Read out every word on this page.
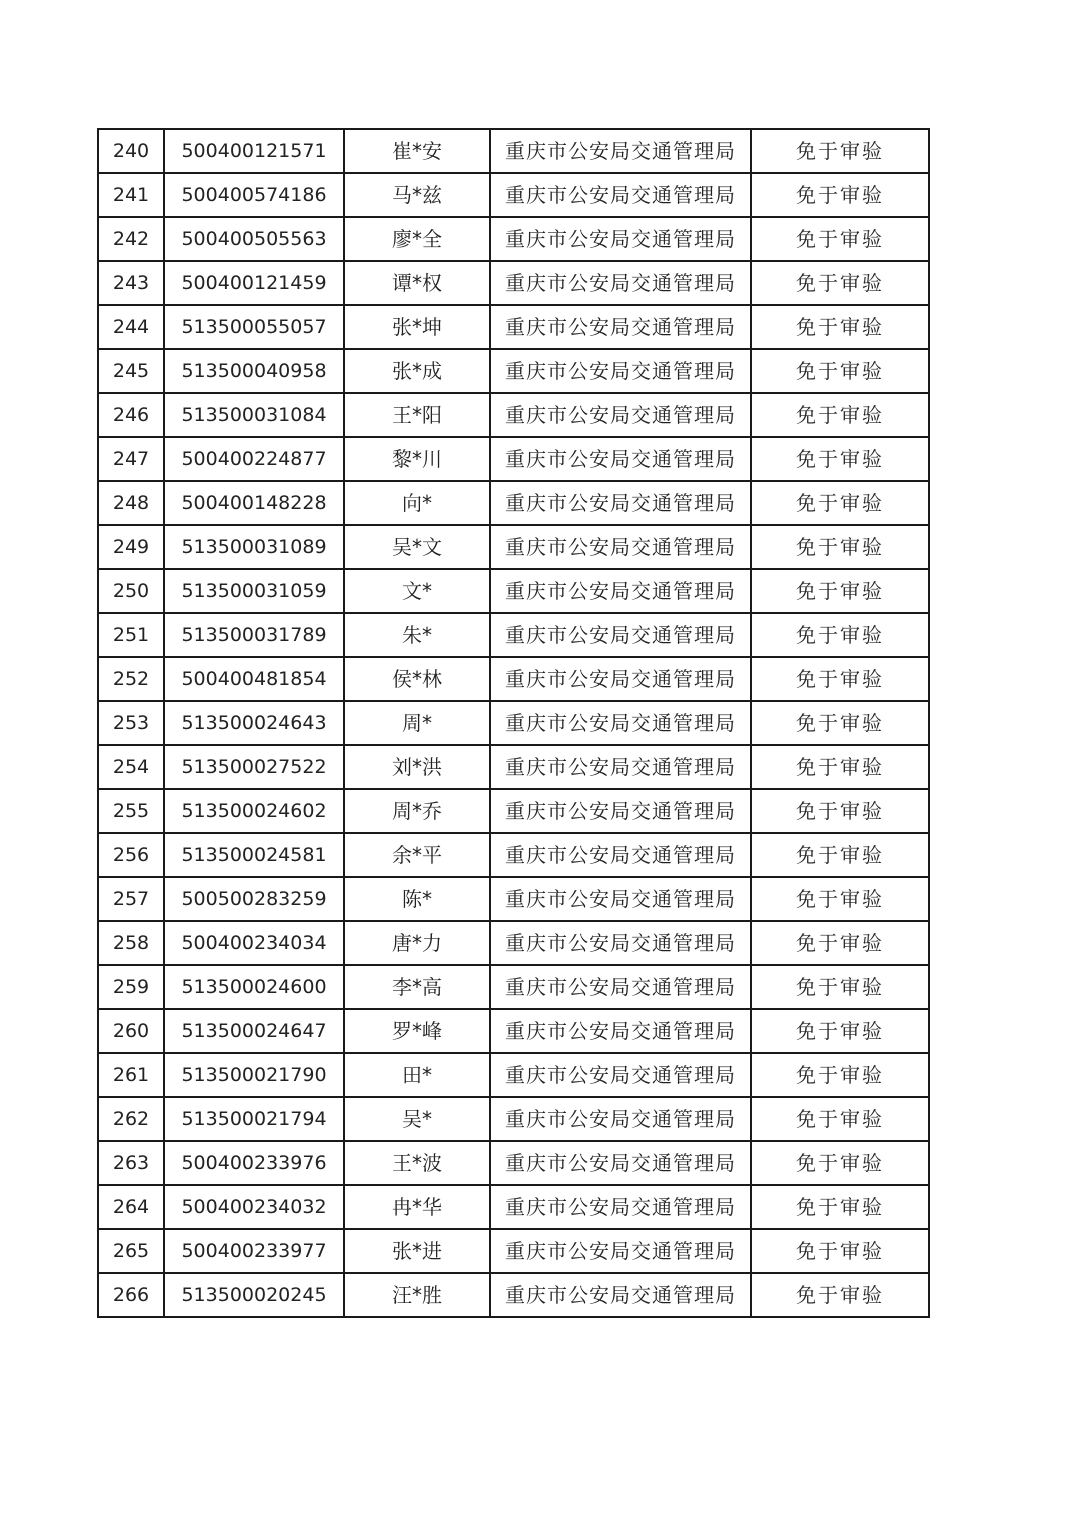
240	500400121571	崔*安	重庆市公安局交通管理局	免于审验
241	500400574186	马*兹	重庆市公安局交通管理局	免于审验
242	500400505563	廖*全	重庆市公安局交通管理局	免于审验
243	500400121459	谭*权	重庆市公安局交通管理局	免于审验
244	513500055057	张*坤	重庆市公安局交通管理局	免于审验
245	513500040958	张*成	重庆市公安局交通管理局	免于审验
246	513500031084	王*阳	重庆市公安局交通管理局	免于审验
247	500400224877	黎*川	重庆市公安局交通管理局	免于审验
248	500400148228	向*	重庆市公安局交通管理局	免于审验
249	513500031089	吴*文	重庆市公安局交通管理局	免于审验
250	513500031059	文*	重庆市公安局交通管理局	免于审验
251	513500031789	朱*	重庆市公安局交通管理局	免于审验
252	500400481854	侯*林	重庆市公安局交通管理局	免于审验
253	513500024643	周*	重庆市公安局交通管理局	免于审验
254	513500027522	刘*洪	重庆市公安局交通管理局	免于审验
255	513500024602	周*乔	重庆市公安局交通管理局	免于审验
256	513500024581	余*平	重庆市公安局交通管理局	免于审验
257	500500283259	陈*	重庆市公安局交通管理局	免于审验
258	500400234034	唐*力	重庆市公安局交通管理局	免于审验
259	513500024600	李*高	重庆市公安局交通管理局	免于审验
260	513500024647	罗*峰	重庆市公安局交通管理局	免于审验
261	513500021790	田*	重庆市公安局交通管理局	免于审验
262	513500021794	吴*	重庆市公安局交通管理局	免于审验
263	500400233976	王*波	重庆市公安局交通管理局	免于审验
264	500400234032	冉*华	重庆市公安局交通管理局	免于审验
265	500400233977	张*进	重庆市公安局交通管理局	免于审验
266	513500020245	汪*胜	重庆市公安局交通管理局	免于审验
